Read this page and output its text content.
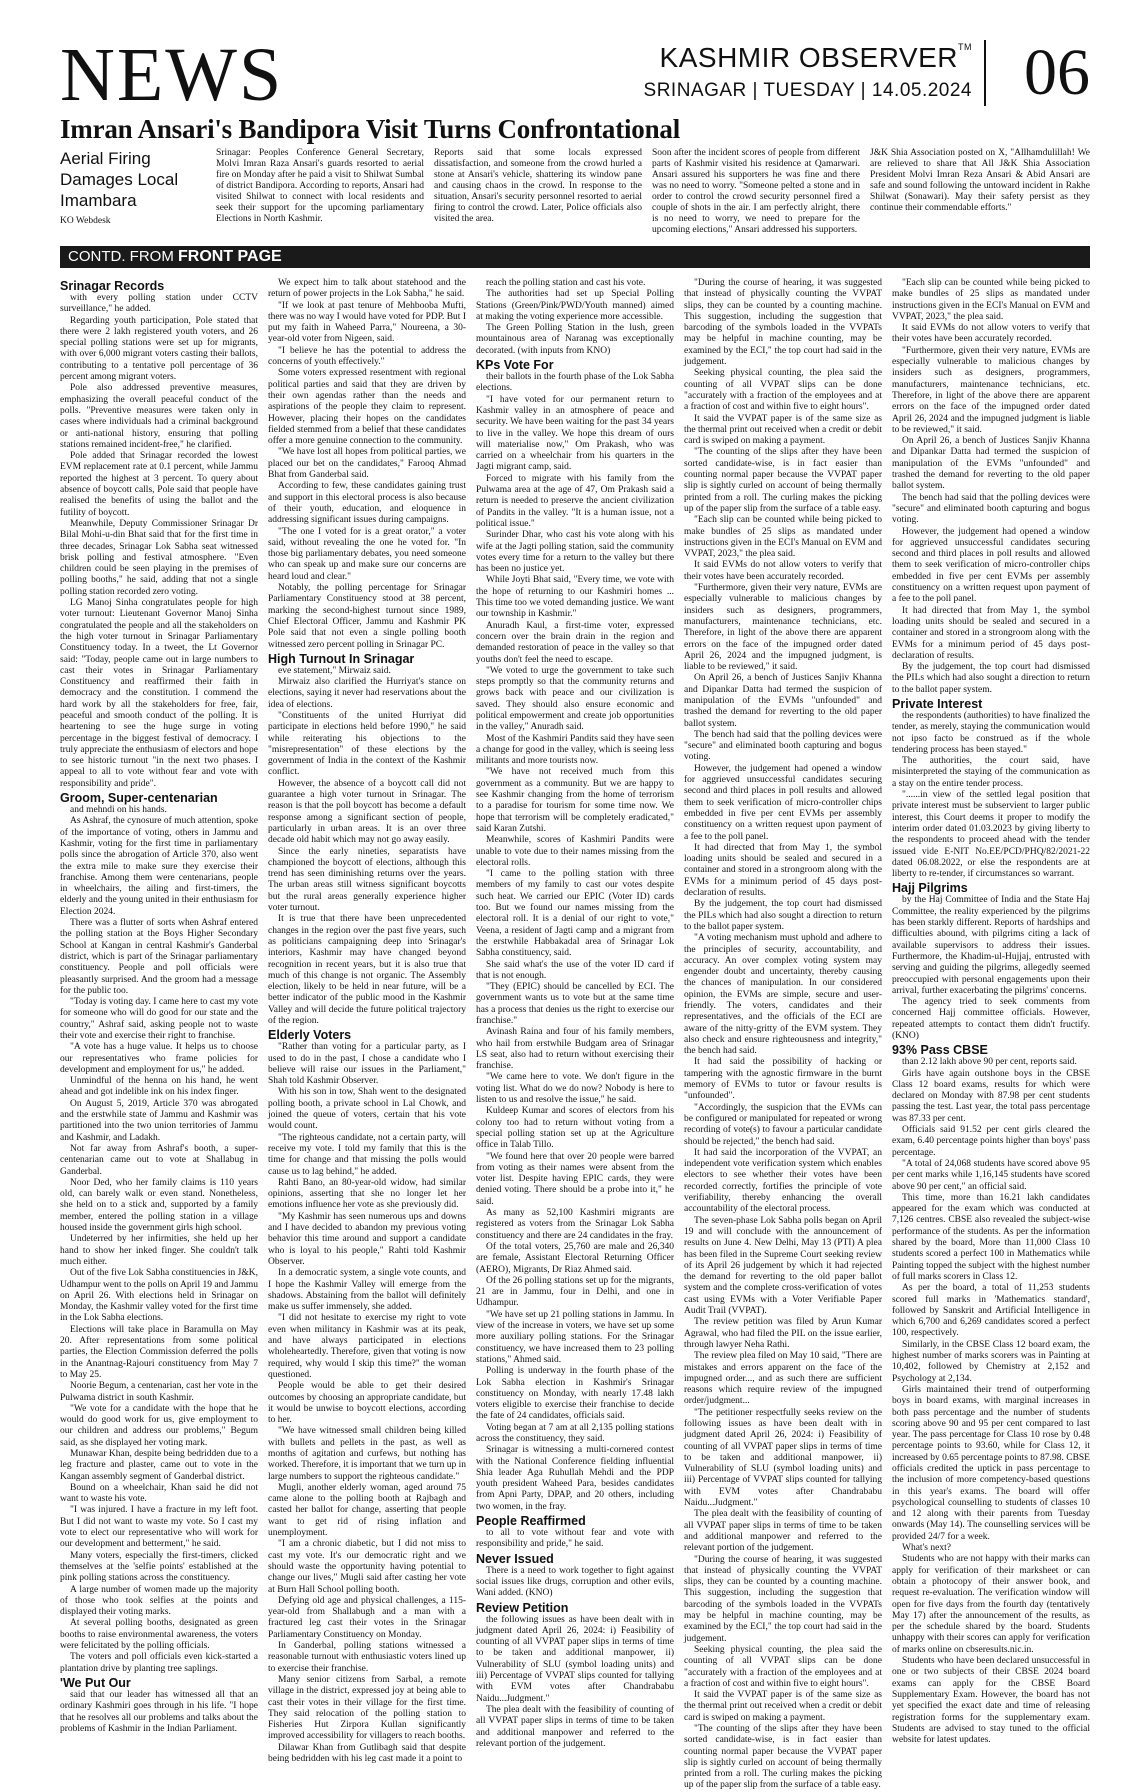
NEWS	KASHMIR OBSERVER™
SRINAGAR | TUESDAY | 14.05.2024 06
Imran Ansari's Bandipora Visit Turns Confrontational
Aerial Firing Damages Local Imambara
KO Webdesk
Srinagar: Peoples Conference General Secretary, Molvi Imran Raza Ansari's guards resorted to aerial fire on Monday after he paid a visit to Shilwat Sumbal of district Bandipora. According to reports, Ansari had visited Shilwat to connect with local residents and seek their support for the upcoming parliamentary Elections in North Kashmir.
Reports said that some locals expressed dissatisfaction, and someone from the crowd hurled a stone at Ansari's vehicle, shattering its window pane and causing chaos in the crowd. In response to the situation, Ansari's security personnel resorted to aerial firing to control the crowd. Later, Police officials also visited the area.
Soon after the incident scores of people from different parts of Kashmir visited his residence at Qamarwari. Ansari assured his supporters he was fine and there was no need to worry. "Someone pelted a stone and in order to control the crowd security personnel fired a couple of shots in the air. I am perfectly alright, there is no need to worry, we need to prepare for the upcoming elections," Ansari addressed his supporters.
J&K Shia Association posted on X, "Allhamdulillah! We are relieved to share that All J&K Shia Association President Molvi Imran Reza Ansari & Abid Ansari are safe and sound following the untoward incident in Rakhe Shilwat (Sonawari). May their safety persist as they continue their commendable efforts."
CONTD. FROM FRONT PAGE
Srinagar Records

with every polling station under CCTV surveillance," he added.

Regarding youth participation, Pole stated that there were 2 lakh registered youth voters, and 26 special polling stations were set up for migrants, with over 6,000 migrant voters casting their ballots, contributing to a tentative poll percentage of 36 percent among migrant voters.

Pole also addressed preventive measures, emphasizing the overall peaceful conduct of the polls. "Preventive measures were taken only in cases where individuals had a criminal background or anti-national history, ensuring that polling stations remained incident-free," he clarified.

Pole added that Srinagar recorded the lowest EVM replacement rate at 0.1 percent, while Jammu reported the highest at 3 percent. To query about absence of boycott calls, Pole said that people have realised the benefits of using the ballot and the futility of boycott.

Meanwhile, Deputy Commissioner Srinagar Dr Bilal Mohi-u-din Bhat said that for the first time in three decades, Srinagar Lok Sabha seat witnessed brisk polling and festival atmosphere. "Even children could be seen playing in the premises of polling booths," he said, adding that not a single polling station recorded zero voting.

LG Manoj Sinha congratulates people for high voter turnout: Lieutenant Governor Manoj Sinha congratulated the people and all the stakeholders on the high voter turnout in Srinagar Parliamentary Constituency today. In a tweet, the Lt Governor said: "Today, people came out in large numbers to cast their votes in Srinagar Parliamentary Constituency and reaffirmed their faith in democracy and the constitution. I commend the hard work by all the stakeholders for free, fair, peaceful and smooth conduct of the polling. It is heartening to see the huge surge in voting percentage in the biggest festival of democracy. I truly appreciate the enthusiasm of electors and hope to see historic turnout "in the next two phases. I appeal to all to vote without fear and vote with responsibility and pride".

Groom, Super-centenarian

and mehndi on his hands.

As Ashraf, the cynosure of much attention, spoke of the importance of voting, others in Jammu and Kashmir, voting for the first time in parliamentary polls since the abrogation of Article 370, also went the extra mile to make sure they exercise their franchise. Among them were centenarians, people in wheelchairs, the ailing and first-timers, the elderly and the young united in their enthusiasm for Election 2024.

There was a flutter of sorts when Ashraf entered the polling station at the Boys Higher Secondary School at Kangan in central Kashmir's Ganderbal district, which is part of the Srinagar parliamentary constituency. People and poll officials were pleasantly surprised. And the groom had a message for the public too.

"Today is voting day. I came here to cast my vote for someone who will do good for our state and the country," Ashraf said, asking people not to waste their vote and exercise their right to franchise.

"A vote has a huge value. It helps us to choose our representatives who frame policies for development and employment for us," he added.

Unmindful of the henna on his hand, he went ahead and got indelible ink on his index finger.

On August 5, 2019, Article 370 was abrogated and the erstwhile state of Jammu and Kashmir was partitioned into the two union territories of Jammu and Kashmir, and Ladakh.

Not far away from Ashraf's booth, a super-centenarian came out to vote at Shallabug in Ganderbal.

Noor Ded, who her family claims is 110 years old, can barely walk or even stand. Nonetheless, she held on to a stick and, supported by a family member, entered the polling station in a village housed inside the government girls high school.

Undeterred by her infirmities, she held up her hand to show her inked finger. She couldn't talk much either.

Out of the five Lok Sabha constituencies in J&K, Udhampur went to the polls on April 19 and Jammu on April 26. With elections held in Srinagar on Monday, the Kashmir valley voted for the first time in the Lok Sabha elections.

Elections will take place in Baramulla on May 20. After representations from some political parties, the Election Commission deferred the polls in the Anantnag-Rajouri constituency from May 7 to May 25.

Noorie Begum, a centenarian, cast her vote in the Pulwama district in south Kashmir.

"We vote for a candidate with the hope that he would do good work for us, give employment to our children and address our problems," Begum said, as she displayed her voting mark.

Munawar Khan, despite being bedridden due to a leg fracture and plaster, came out to vote in the Kangan assembly segment of Ganderbal district.

Bound on a wheelchair, Khan said he did not want to waste his vote.

"I was injured. I have a fracture in my left foot. But I did not want to waste my vote. So I cast my vote to elect our representative who will work for our development and betterment," he said.

Many voters, especially the first-timers, clicked themselves at the 'selfie points' established at the pink polling stations across the constituency.

A large number of women made up the majority of those who took selfies at the points and displayed their voting marks.

At several polling booths, designated as green booths to raise environmental awareness, the voters were felicitated by the polling officials.

The voters and poll officials even kick-started a plantation drive by planting tree saplings.

'We Put Our

said that our leader has witnessed all that an ordinary Kashmiri goes through in his life. "I hope that he resolves all our problems and talks about the problems of Kashmir in the Indian Parliament.

We expect him to talk about statehood and the return of power projects in the Lok Sabha," he said.

"If we look at past tenure of Mehbooba Mufti, there was no way I would have voted for PDP. But I put my faith in Waheed Parra," Noureena, a 30-year-old voter from Nigeen, said.

"I believe he has the potential to address the concerns of youth effectively."

Some voters expressed resentment with regional political parties and said that they are driven by their own agendas rather than the needs and aspirations of the people they claim to represent. However, placing their hopes on the candidates fielded stemmed from a belief that these candidates offer a more genuine connection to the community.

"We have lost all hopes from political parties, we placed our bet on the candidates," Farooq Ahmad Bhat from Ganderbal said.

According to few, these candidates gaining trust and support in this electoral process is also because of their youth, education, and eloquence in addressing significant issues during campaigns.

"The one I voted for is a great orator," a voter said, without revealing the one he voted for. "In those big parliamentary debates, you need someone who can speak up and make sure our concerns are heard loud and clear."

Notably, the polling percentage for Srinagar Parliamentary Constituency stood at 38 percent, marking the second-highest turnout since 1989, Chief Electoral Officer, Jammu and Kashmir PK Pole said that not even a single polling booth witnessed zero percent polling in Srinagar PC.

High Turnout In Srinagar

eve statement," Mirwaiz said.

Mirwaiz also clarified the Hurriyat's stance on elections, saying it never had reservations about the idea of elections.

"Constituents of the united Hurriyat did participate in elections held before 1990," he said while reiterating his objections to the "misrepresentation" of these elections by the government of India in the context of the Kashmir conflict.

However, the absence of a boycott call did not guarantee a high voter turnout in Srinagar. The reason is that the poll boycott has become a default response among a significant section of people, particularly in urban areas. It is an over three decade old habit which may not go away easily.

Since the early nineties, separatists have championed the boycott of elections, although this trend has seen diminishing returns over the years. The urban areas still witness significant boycotts but the rural areas generally experience higher voter turnout.

It is true that there have been unprecedented changes in the region over the past five years, such as politicians campaigning deep into Srinagar's interiors, Kashmir may have changed beyond recognition in recent years, but it is also true that much of this change is not organic. The Assembly election, likely to be held in near future, will be a better indicator of the public mood in the Kashmir Valley and will decide the future political trajectory of the region.

Elderly Voters

"Rather than voting for a particular party, as I used to do in the past, I chose a candidate who I believe will raise our issues in the Parliament," Shah told Kashmir Observer.

With his son in tow, Shah went to the designated polling booth, a private school in Lal Chowk, and joined the queue of voters, certain that his vote would count.

"The righteous candidate, not a certain party, will receive my vote. I told my family that this is the time for change and that missing the polls would cause us to lag behind," he added.

Rahti Bano, an 80-year-old widow, had similar opinions, asserting that she no longer let her emotions influence her vote as she previously did.

"My Kashmir has seen numerous ups and downs and I have decided to abandon my previous voting behavior this time around and support a candidate who is loyal to his people," Rahti told Kashmir Observer.

In a democratic system, a single vote counts, and I hope the Kashmir Valley will emerge from the shadows. Abstaining from the ballot will definitely make us suffer immensely, she added.

"I did not hesitate to exercise my right to vote even when militancy in Kashmir was at its peak, and have always participated in elections wholeheartedly. Therefore, given that voting is now required, why would I skip this time?" the woman questioned.

People would be able to get their desired outcomes by choosing an appropriate candidate, but it would be unwise to boycott elections, according to her.

"We have witnessed small children being killed with bullets and pellets in the past, as well as months of agitation and curfews, but nothing has worked. Therefore, it is important that we turn up in large numbers to support the righteous candidate."

Mugli, another elderly woman, aged around 75 came alone to the polling booth at Rajbagh and casted her ballot for change, asserting that people want to get rid of rising inflation and unemployment.

"I am a chronic diabetic, but I did not miss to cast my vote. It's our democratic right and we should waste the opportunity having potential to change our lives," Mugli said after casting her vote at Burn Hall School polling booth.

Defying old age and physical challenges, a 115-year-old from Shallabugh and a man with a fractured leg cast their votes in the Srinagar Parliamentary Constituency on Monday.

In Ganderbal, polling stations witnessed a reasonable turnout with enthusiastic voters lined up to exercise their franchise.

Many senior citizens from Sarbal, a remote village in the district, expressed joy at being able to cast their votes in their village for the first time. They said relocation of the polling station to Fisheries Hut Zirpora Kullan significantly improved accessibility for villagers to reach booths.

Dilawar Khan from Gutlibagh said that despite being bedridden with his leg cast made it a point to

reach the polling station and cast his vote.

The authorities had set up Special Polling Stations (Green/Pink/PWD/Youth manned) aimed at making the voting experience more accessible.

The Green Polling Station in the lush, green mountainous area of Naranag was exceptionally decorated. (with inputs from KNO)

KPs Vote For

their ballots in the fourth phase of the Lok Sabha elections.

"I have voted for our permanent return to Kashmir valley in an atmosphere of peace and security. We have been waiting for the past 34 years to live in the valley. We hope this dream of ours will materialise now," Om Prakash, who was carried on a wheelchair from his quarters in the Jagti migrant camp, said.

Forced to migrate with his family from the Pulwama area at the age of 47, Om Prakash said a return is needed to preserve the ancient civilization of Pandits in the valley. "It is a human issue, not a political issue."

Surinder Dhar, who cast his vote along with his wife at the Jagti polling station, said the community votes every time for a return to the valley but there has been no justice yet.

While Joyti Bhat said, "Every time, we vote with the hope of returning to our Kashmiri homes ... This time too we voted demanding justice. We want our township in Kashmir."

Anuradh Kaul, a first-time voter, expressed concern over the brain drain in the region and demanded restoration of peace in the valley so that youths don't feel the need to escape.

"We voted to urge the government to take such steps promptly so that the community returns and grows back with peace and our civilization is saved. They should also ensure economic and political empowerment and create job opportunities in the valley," Anuradh said.

Most of the Kashmiri Pandits said they have seen a change for good in the valley, which is seeing less militants and more tourists now.

"We have not received much from this government as a community. But we are happy to see Kashmir changing from the home of terrorism to a paradise for tourism for some time now. We hope that terrorism will be completely eradicated," said Karan Zutshi.

Meanwhile, scores of Kashmiri Pandits were unable to vote due to their names missing from the electoral rolls.

"I came to the polling station with three members of my family to cast our votes despite such heat. We carried our EPIC (Voter ID) cards too. But we found our names missing from the electoral roll. It is a denial of our right to vote," Veena, a resident of Jagti camp and a migrant from the erstwhile Habbakadal area of Srinagar Lok Sabha constituency, said.

She said what's the use of the voter ID card if that is not enough.

"They (EPIC) should be cancelled by ECI. The government wants us to vote but at the same time has a process that denies us the right to exercise our franchise."

Avinash Raina and four of his family members, who hail from erstwhile Budgam area of Srinagar LS seat, also had to return without exercising their franchise.

"We came here to vote. We don't figure in the voting list. What do we do now? Nobody is here to listen to us and resolve the issue," he said.

Kuldeep Kumar and scores of electors from his colony too had to return without voting from a special polling station set up at the Agriculture office in Talab Tillo.

"We found here that over 20 people were barred from voting as their names were absent from the voter list. Despite having EPIC cards, they were denied voting. There should be a probe into it," he said.

As many as 52,100 Kashmiri migrants are registered as voters from the Srinagar Lok Sabha constituency and there are 24 candidates in the fray.

Of the total voters, 25,760 are male and 26,340 are female, Assistant Electoral Returning Officer (AERO), Migrants, Dr Riaz Ahmed said.

Of the 26 polling stations set up for the migrants, 21 are in Jammu, four in Delhi, and one in Udhampur.

"We have set up 21 polling stations in Jammu. In view of the increase in voters, we have set up some more auxiliary polling stations. For the Srinagar constituency, we have increased them to 23 polling stations," Ahmed said.

Polling is underway in the fourth phase of the Lok Sabha election in Kashmir's Srinagar constituency on Monday, with nearly 17.48 lakh voters eligible to exercise their franchise to decide the fate of 24 candidates, officials said.

Voting began at 7 am at all 2,135 polling stations across the constituency, they said.

Srinagar is witnessing a multi-cornered contest with the National Conference fielding influential Shia leader Aga Ruhullah Mehdi and the PDP youth president Waheed Para, besides candidates from Apni Party, DPAP, and 20 others, including two women, in the fray.

People Reaffirmed

to all to vote without fear and vote with responsibility and pride," he said.

Never Issued

There is a need to work together to fight against social issues like drugs, corruption and other evils, Wani added. (KNO)

Review Petition

the following issues as have been dealt with in judgment dated April 26, 2024: i) Feasibility of counting of all VVPAT paper slips in terms of time to be taken and additional manpower, ii) Vulnerability of SLU (symbol loading units) and iii) Percentage of VVPAT slips counted for tallying with EVM votes after Chandrababu Naidu...Judgment."

The plea dealt with the feasibility of counting of all VVPAT paper slips in terms of time to be taken and additional manpower and referred to the relevant portion of the judgement.

"During the course of hearing, it was suggested that instead of physically counting the VVPAT slips, they can be counted by a counting machine. This suggestion, including the suggestion that barcoding of the symbols loaded in the VVPATs may be helpful in machine counting, may be examined by the ECI," the top court had said in the judgement.

Seeking physical counting, the plea said the counting of all VVPAT slips can be done "accurately with a fraction of the employees and at a fraction of cost and within five to eight hours".

It said the VVPAT paper is of the same size as the thermal print out received when a credit or debit card is swiped on making a payment.

"The counting of the slips after they have been sorted candidate-wise, is in fact easier than counting normal paper because the VVPAT paper slip is sightly curled on account of being thermally printed from a roll. The curling makes the picking up of the paper slip from the surface of a table easy.

"Each slip can be counted while being picked to make bundles of 25 slips as mandated under instructions given in the ECI's Manual on EVM and VVPAT, 2023," the plea said.

It said EVMs do not allow voters to verify that their votes have been accurately recorded.

"Furthermore, given their very nature, EVMs are especially vulnerable to malicious changes by insiders such as designers, programmers, manufacturers, maintenance technicians, etc. Therefore, in light of the above there are apparent errors on the face of the impugned order dated April 26, 2024 and the impugned judgment, is liable to be reviewed," it said.

On April 26, a bench of Justices Sanjiv Khanna and Dipankar Datta had termed the suspicion of manipulation of the EVMs "unfounded" and trashed the demand for reverting to the old paper ballot system.

The bench had said that the polling devices were "secure" and eliminated booth capturing and bogus voting.

However, the judgement had opened a window for aggrieved unsuccessful candidates securing second and third places in poll results and allowed them to seek verification of micro-controller chips embedded in five per cent EVMs per assembly constituency on a written request upon payment of a fee to the poll panel.

It had directed that from May 1, the symbol loading units should be sealed and secured in a container and stored in a strongroom along with the EVMs for a minimum period of 45 days post-declaration of results.

By the judgement, the top court had dismissed the PILs which had also sought a direction to return to the ballot paper system.

"A voting mechanism must uphold and adhere to the principles of security, accountability, and accuracy. An over complex voting system may engender doubt and uncertainty, thereby causing the chances of manipulation. In our considered opinion, the EVMs are simple, secure and user-friendly. The voters, candidates and their representatives, and the officials of the ECI are aware of the nitty-gritty of the EVM system. They also check and ensure righteousness and integrity," the bench had said.

It had said the possibility of hacking or tampering with the agnostic firmware in the burnt memory of EVMs to tutor or favour results is "unfounded".

"Accordingly, the suspicion that the EVMs can be configured or manipulated for repeated or wrong recording of vote(s) to favour a particular candidate should be rejected," the bench had said.

It had said the incorporation of the VVPAT, an independent vote verification system which enables electors to see whether their votes have been recorded correctly, fortifies the principle of vote verifiability, thereby enhancing the overall accountability of the electoral process.

The seven-phase Lok Sabha polls began on April 19 and will conclude with the announcement of results on June 4. New Delhi, May 13 (PTI) A plea has been filed in the Supreme Court seeking review of its April 26 judgement by which it had rejected the demand for reverting to the old paper ballot system and the complete cross-verification of votes cast using EVMs with a Voter Verifiable Paper Audit Trail (VVPAT).

The review petition was filed by Arun Kumar Agrawal, who had filed the PIL on the issue earlier, through lawyer Neha Rathi.

The review plea filed on May 10 said, "There are mistakes and errors apparent on the face of the impugned order..., and as such there are sufficient reasons which require review of the impugned order/judgment...

"The petitioner respectfully seeks review on the following issues as have been dealt with in judgment dated April 26, 2024: i) Feasibility of counting of all VVPAT paper slips in terms of time to be taken and additional manpower, ii) Vulnerability of SLU (symbol loading units) and iii) Percentage of VVPAT slips counted for tallying with EVM votes after Chandrababu Naidu...Judgment."

The plea dealt with the feasibility of counting of all VVPAT paper slips in terms of time to be taken and additional manpower and referred to the relevant portion of the judgement.

"During the course of hearing, it was suggested that instead of physically counting the VVPAT slips, they can be counted by a counting machine. This suggestion, including the suggestion that barcoding of the symbols loaded in the VVPATs may be helpful in machine counting, may be examined by the ECI," the top court had said in the judgement.

Seeking physical counting, the plea said the counting of all VVPAT slips can be done "accurately with a fraction of the employees and at a fraction of cost and within five to eight hours".

It said the VVPAT paper is of the same size as the thermal print out received when a credit or debit card is swiped on making a payment.

"The counting of the slips after they have been sorted candidate-wise, is in fact easier than counting normal paper because the VVPAT paper slip is sightly curled on account of being thermally printed from a roll. The curling makes the picking up of the paper slip from the surface of a table easy.

"Each slip can be counted while being picked to make bundles of 25 slips as mandated under instructions given in the ECI's Manual on EVM and VVPAT, 2023," the plea said.

It said EVMs do not allow voters to verify that their votes have been accurately recorded.

"Furthermore, given their very nature, EVMs are especially vulnerable to malicious changes by insiders such as designers, programmers, manufacturers, maintenance technicians, etc. Therefore, in light of the above there are apparent errors on the face of the impugned order dated April 26, 2024 and the impugned judgment is liable to be reviewed," it said.

On April 26, a bench of Justices Sanjiv Khanna and Dipankar Datta had termed the suspicion of manipulation of the EVMs "unfounded" and trashed the demand for reverting to the old paper ballot system.

The bench had said that the polling devices were "secure" and eliminated booth capturing and bogus voting.

However, the judgement had opened a window for aggrieved unsuccessful candidates securing second and third places in poll results and allowed them to seek verification of micro-controller chips embedded in five per cent EVMs per assembly constituency on a written request upon payment of a fee to the poll panel.

It had directed that from May 1, the symbol loading units should be sealed and secured in a container and stored in a strongroom along with the EVMs for a minimum period of 45 days post-declaration of results.

By the judgement, the top court had dismissed the PILs which had also sought a direction to return to the ballot paper system.

Private Interest

the respondents (authorities) to have finalized the tender, as merely, staying the communication would not ipso facto be construed as if the whole tendering process has been stayed."

The authorities, the court said, have misinterpreted the staying of the communication as a stay on the entire tender process.

"......in view of the settled legal position that private interest must be subservient to larger public interest, this Court deems it proper to modify the interim order dated 01.03.2023 by giving liberty to the respondents to proceed ahead with the tender issued vide E-NIT No.EE/PCD/PHQ/82/2021-22 dated 06.08.2022, or else the respondents are at liberty to re-tender, if circumstances so warrant.

Hajj Pilgrims

by the Haj Committee of India and the State Haj Committee, the reality experienced by the pilgrims has been starkly different. Reports of hardships and difficulties abound, with pilgrims citing a lack of available supervisors to address their issues. Furthermore, the Khadim-ul-Hujjaj, entrusted with serving and guiding the pilgrims, allegedly seemed preoccupied with personal engagements upon their arrival, further exacerbating the pilgrims' concerns.

The agency tried to seek comments from concerned Hajj committee officials. However, repeated attempts to contact them didn't fructify. (KNO)

93% Pass CBSE

than 2.12 lakh above 90 per cent, reports said.

Girls have again outshone boys in the CBSE Class 12 board exams, results for which were declared on Monday with 87.98 per cent students passing the test. Last year, the total pass percentage was 87.33 per cent.

Officials said 91.52 per cent girls cleared the exam, 6.40 percentage points higher than boys' pass percentage.

"A total of 24,068 students have scored above 95 per cent marks while 1,16,145 students have scored above 90 per cent," an official said.

This time, more than 16.21 lakh candidates appeared for the exam which was conducted at 7,126 centres. CBSE also revealed the subject-wise performance of the students. As per the information shared by the board, More than 11,000 Class 10 students scored a perfect 100 in Mathematics while Painting topped the subject with the highest number of full marks scorers in Class 12.

As per the board, a total of 11,253 students scored full marks in 'Mathematics standard', followed by Sanskrit and Artificial Intelligence in which 6,700 and 6,269 candidates scored a perfect 100, respectively.

Similarly, in the CBSE Class 12 board exam, the highest number of marks scorers was in Painting at 10,402, followed by Chemistry at 2,152 and Psychology at 2,134.

Girls maintained their trend of outperforming boys in board exams, with marginal increases in both pass percentage and the number of students scoring above 90 and 95 per cent compared to last year. The pass percentage for Class 10 rose by 0.48 percentage points to 93.60, while for Class 12, it increased by 0.65 percentage points to 87.98. CBSE officials credited the uptick in pass percentage to the inclusion of more competency-based questions in this year's exams. The board will offer psychological counselling to students of classes 10 and 12 along with their parents from Tuesday onwards (May 14). The counselling services will be provided 24/7 for a week.

What's next?

Students who are not happy with their marks can apply for verification of their marksheet or can obtain a photocopy of their answer book, and request re-evaluation. The verification window will open for five days from the fourth day (tentatively May 17) after the announcement of the results, as per the schedule shared by the board. Students unhappy with their scores can apply for verification of marks online on cbseresults.nic.in.

Students who have been declared unsuccessful in one or two subjects of their CBSE 2024 board exams can apply for the CBSE Board Supplementary Exam. However, the board has not yet specified the exact date and time of releasing registration forms for the supplementary exam. Students are advised to stay tuned to the official website for latest updates.
